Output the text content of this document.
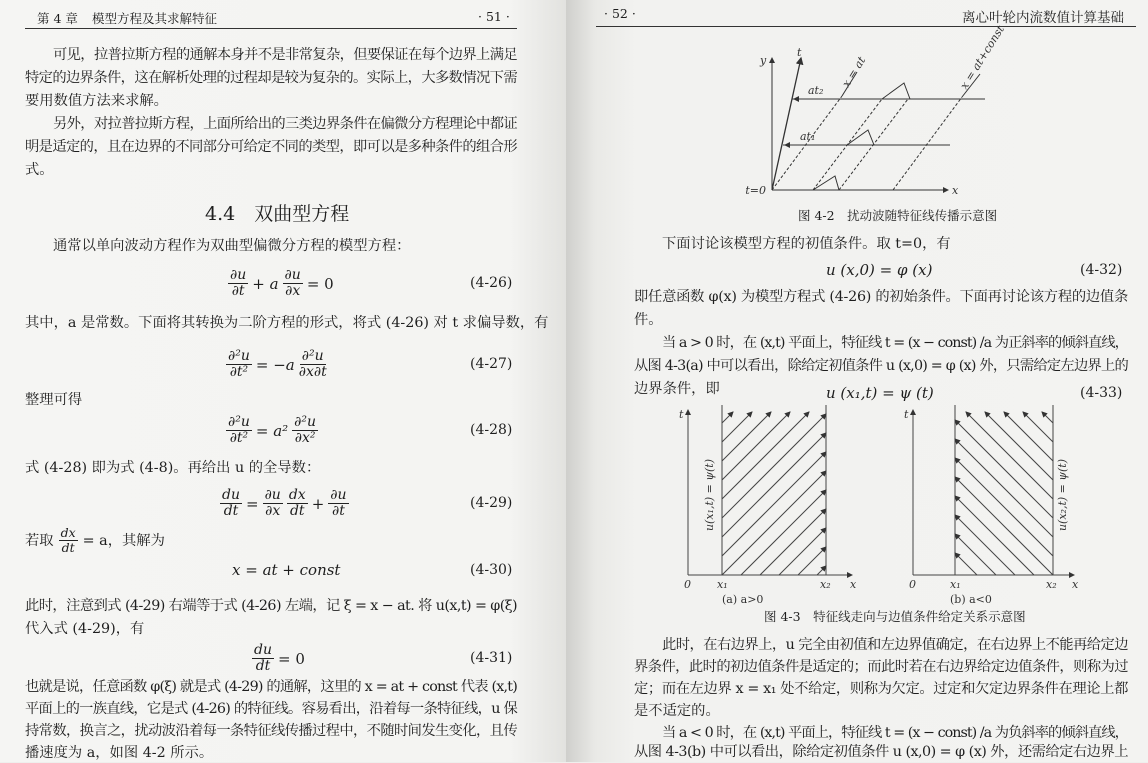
第 4 章 模型方程及其求解特征	· 51 ·
可见，拉普拉斯方程的通解本身并不是非常复杂，但要保证在每个边界上满足
特定的边界条件，这在解析处理的过程却是较为复杂的。实际上，大多数情况下需
要用数值方法来求解。
另外，对拉普拉斯方程，上面所给出的三类边界条件在偏微分方程理论中都证
明是适定的，且在边界的不同部分可给定不同的类型，即可以是多种条件的组合形
式。
4.4　双曲型方程
通常以单向波动方程作为双曲型偏微分方程的模型方程：
$\frac{\partial u}{\partial t} + a \frac{\partial u}{\partial x} = 0$	(4-26)
其中，a 是常数。下面将其转换为二阶方程的形式，将式 (4-26) 对 t 求偏导数，有
$\frac{\text{∂²u}}{\text{∂t²}} = -a \frac{\text{∂²u}}{\partial x\partial t}$	(4-27)
整理可得
$\frac{\text{∂²u}}{\text{∂t²}} = a^2 \frac{\text{∂²u}}{\text{∂x²}}$	(4-28)
式 (4-28) 即为式 (4-8)。再给出 u 的全导数：
$\frac{du}{dt} = \frac{\partial u}{\partial x} \frac{dx}{dt} + \frac{\partial u}{\partial t}$	(4-29)
若取 $\frac{dx}{dt} = a$，其解为
x = at + const	(4-30)
此时，注意到式 (4-29) 右端等于式 (4-26) 左端，记 ξ = x − at. 将 u(x,t) = φ(ξ)
代入式 (4-29)，有
$\frac{du}{dt} = 0$	(4-31)
也就是说，任意函数 φ(ξ) 就是式 (4-29) 的通解，这里的 x = at + const 代表 (x,t)
平面上的一族直线，它是式 (4-26) 的特征线。容易看出，沿着每一条特征线，u 保
持常数，换言之，扰动波沿着每一条特征线传播过程中，不随时间发生变化，且传
播速度为 a，如图 4-2 所示。
· 52 ·	离心叶轮内流数值计算基础
y
t
x
t=0
at₂
at₁
x = at	x = at+const
t
0 x₁	x₂ x
u(x₁,t) = ψ(t)
t
0	x₁	x₂ x
u(x₂,t) = ψ(t)
(a) a>0	(b) a<0
图 4-2　扰动波随特征线传播示意图
下面讨论该模型方程的初值条件。取 t=0，有
u (x,0) = φ (x)	(4-32)
即任意函数 φ(x) 为模型方程式 (4-26) 的初始条件。下面再讨论该方程的边值条
件。
当 a > 0 时，在 (x,t) 平面上，特征线 t = (x − const) /a 为正斜率的倾斜直线，
从图 4-3(a) 中可以看出，除给定初值条件 u (x,0) = φ (x) 外，只需给定左边界上的
边界条件，即	u (x₁,t) = ψ (t)	(4-33)
图 4-3　特征线走向与边值条件给定关系示意图
此时，在右边界上，u 完全由初值和左边界值确定，在右边界上不能再给定边
界条件，此时的初边值条件是适定的；而此时若在右边界给定边值条件，则称为过
定；而在左边界 x = x₁ 处不给定，则称为欠定。过定和欠定边界条件在理论上都
是不适定的。
当 a < 0 时，在 (x,t) 平面上，特征线 t = (x − const) /a 为负斜率的倾斜直线，
从图 4-3(b) 中可以看出，除给定初值条件 u (x,0) = φ (x) 外，还需给定右边界上
